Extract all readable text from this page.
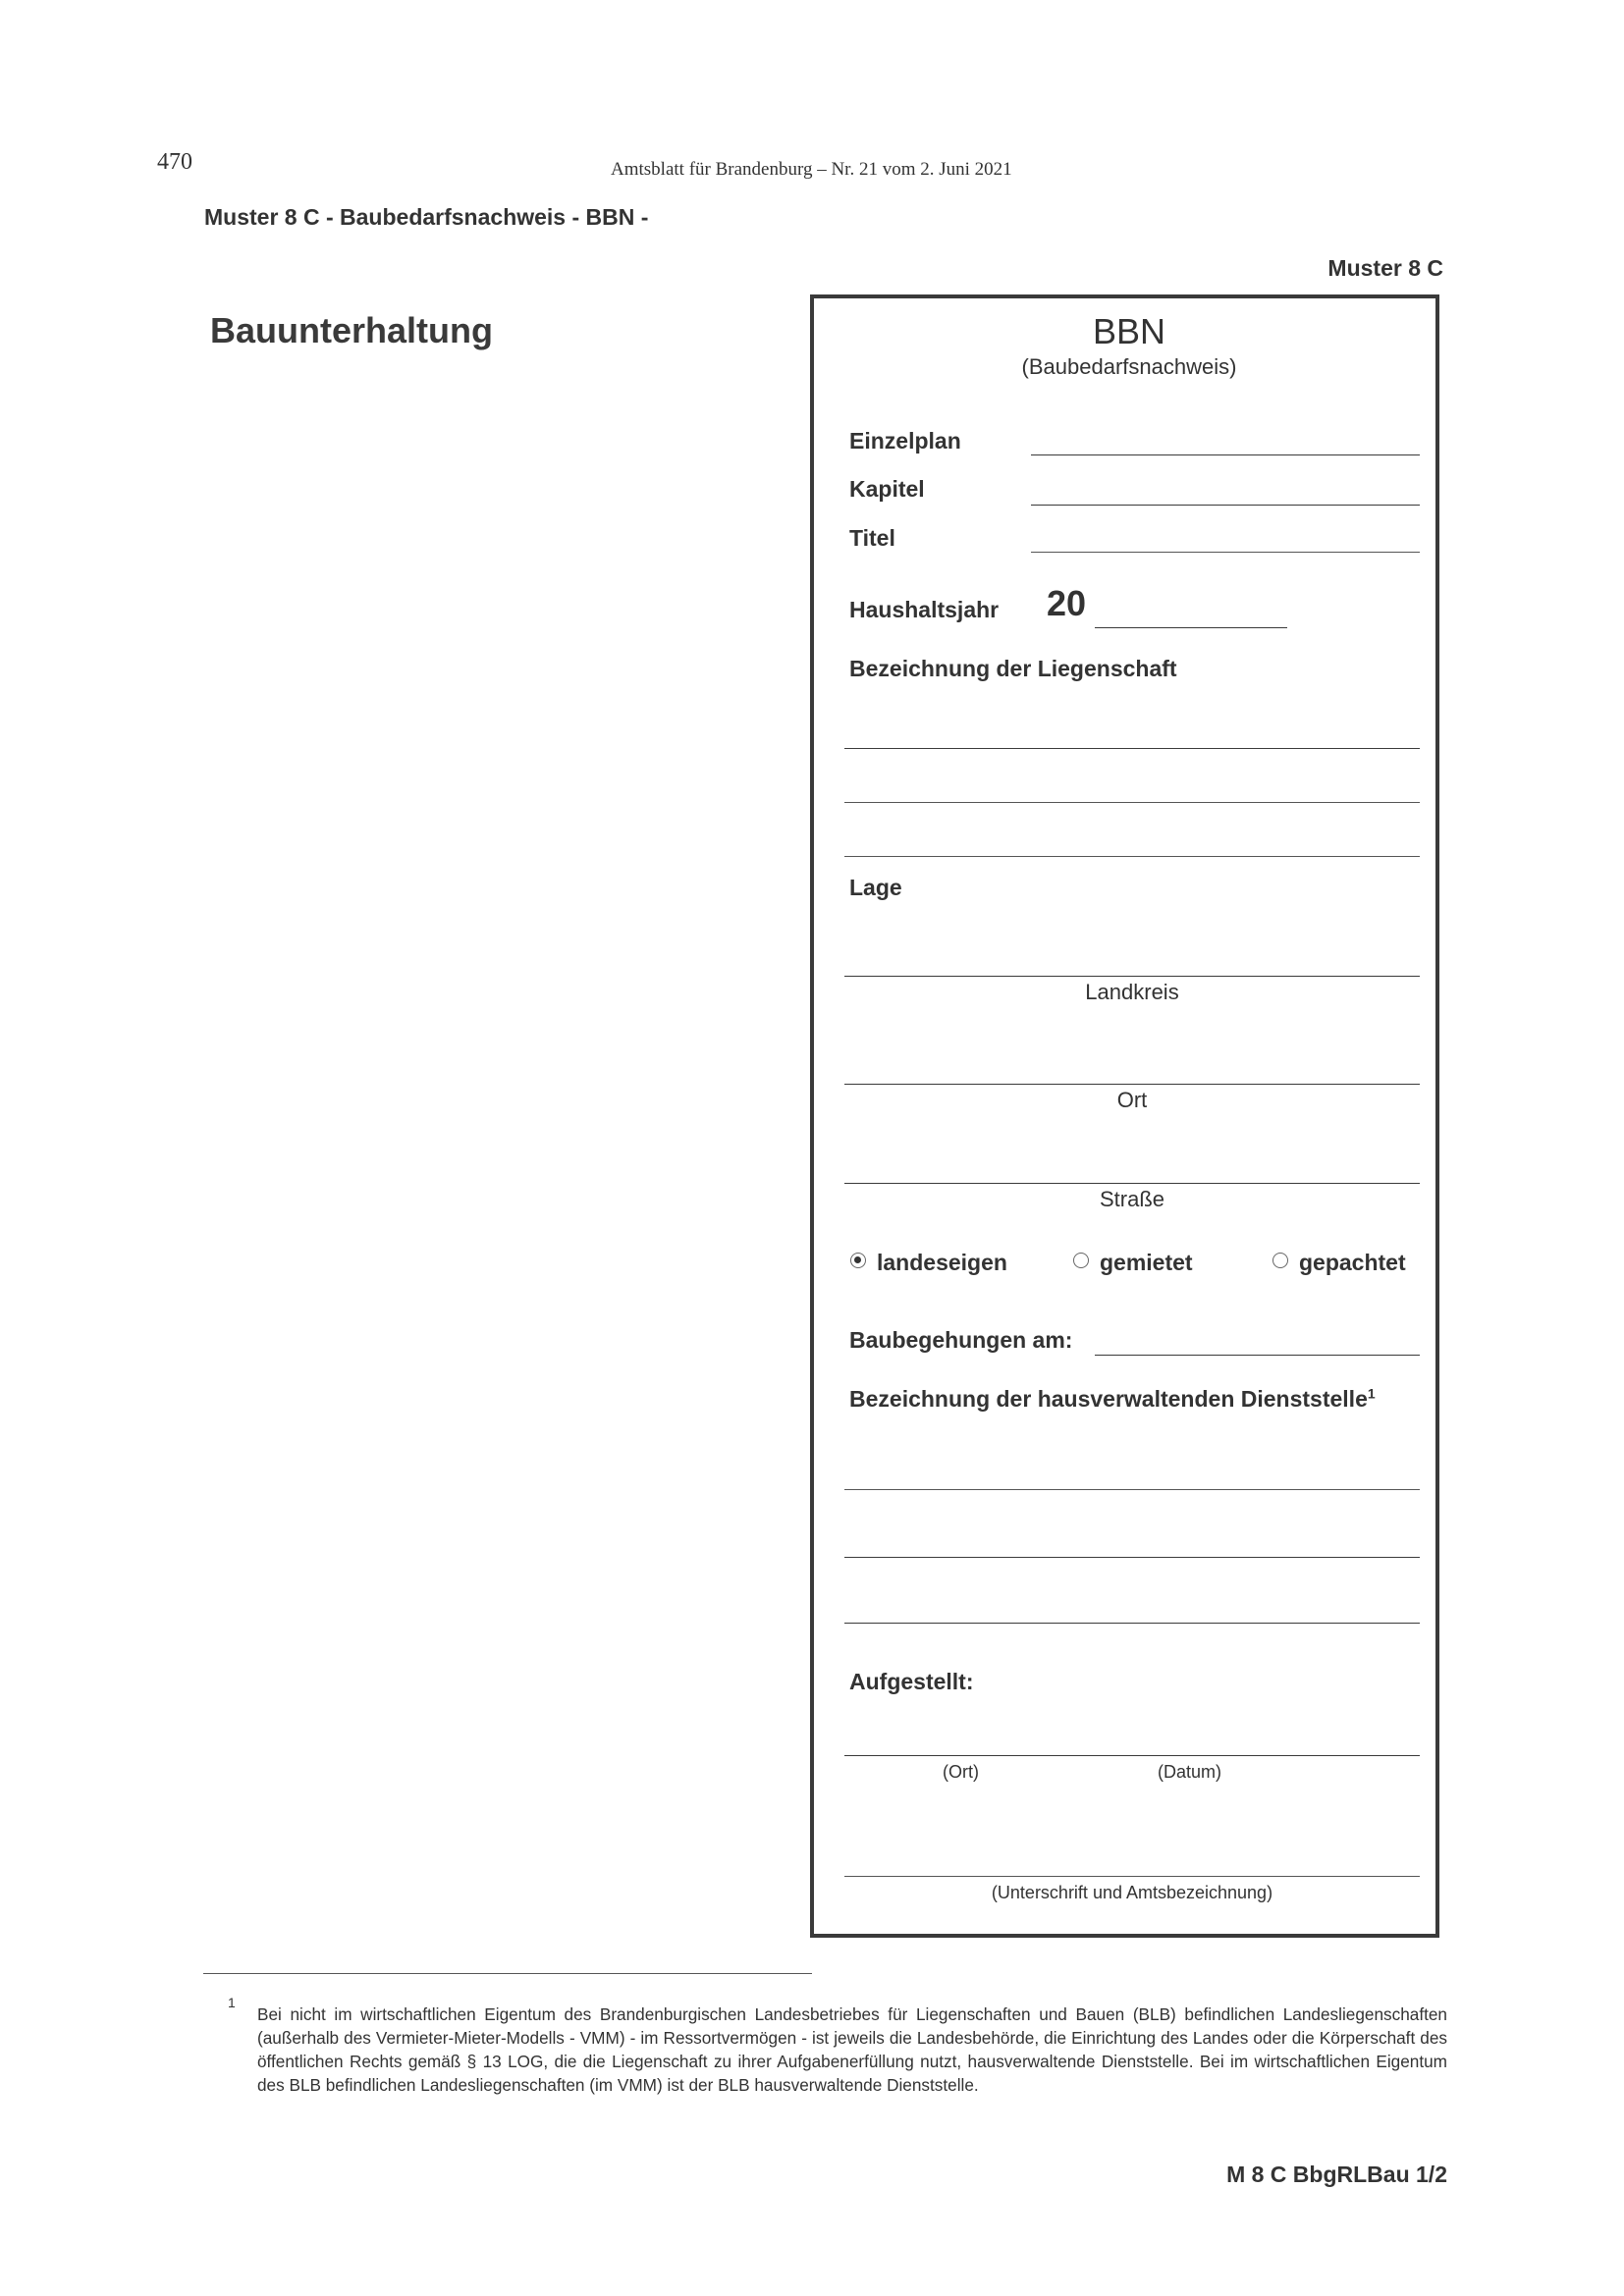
470	Amtsblatt für Brandenburg – Nr. 21 vom 2. Juni 2021
Muster 8 C - Baubedarfsnachweis - BBN -
Muster 8 C
Bauunterhaltung	BBN
(Baubedarfsnachweis)
Einzelplan
Kapitel
Titel
Haushaltsjahr 20
Bezeichnung der Liegenschaft
Lage
Landkreis
Ort
Straße
landeseigen	gemietet	gepachtet
Baubegehungen am:
Bezeichnung der hausverwaltenden Dienststelle$^1$
Aufgestellt:
(Ort)	(Datum)
(Unterschrift und Amtsbezeichnung)
1
Bei nicht im wirtschaftlichen Eigentum des Brandenburgischen Landesbetriebes für Liegenschaften und Bauen (BLB) befindlichen Landesliegenschaften (außerhalb des Vermieter-Mieter-Modells - VMM) - im Ressortvermögen - ist jeweils die Landesbehörde, die Einrichtung des Landes oder die Körperschaft des öffentlichen Rechts gemäß § 13 LOG, die die Liegenschaft zu ihrer Aufgabenerfüllung nutzt, hausverwaltende Dienststelle. Bei im wirtschaftlichen Eigentum des BLB befindlichen Landesliegenschaften (im VMM) ist der BLB hausverwaltende Dienststelle.
M 8 C BbgRLBau 1/2
